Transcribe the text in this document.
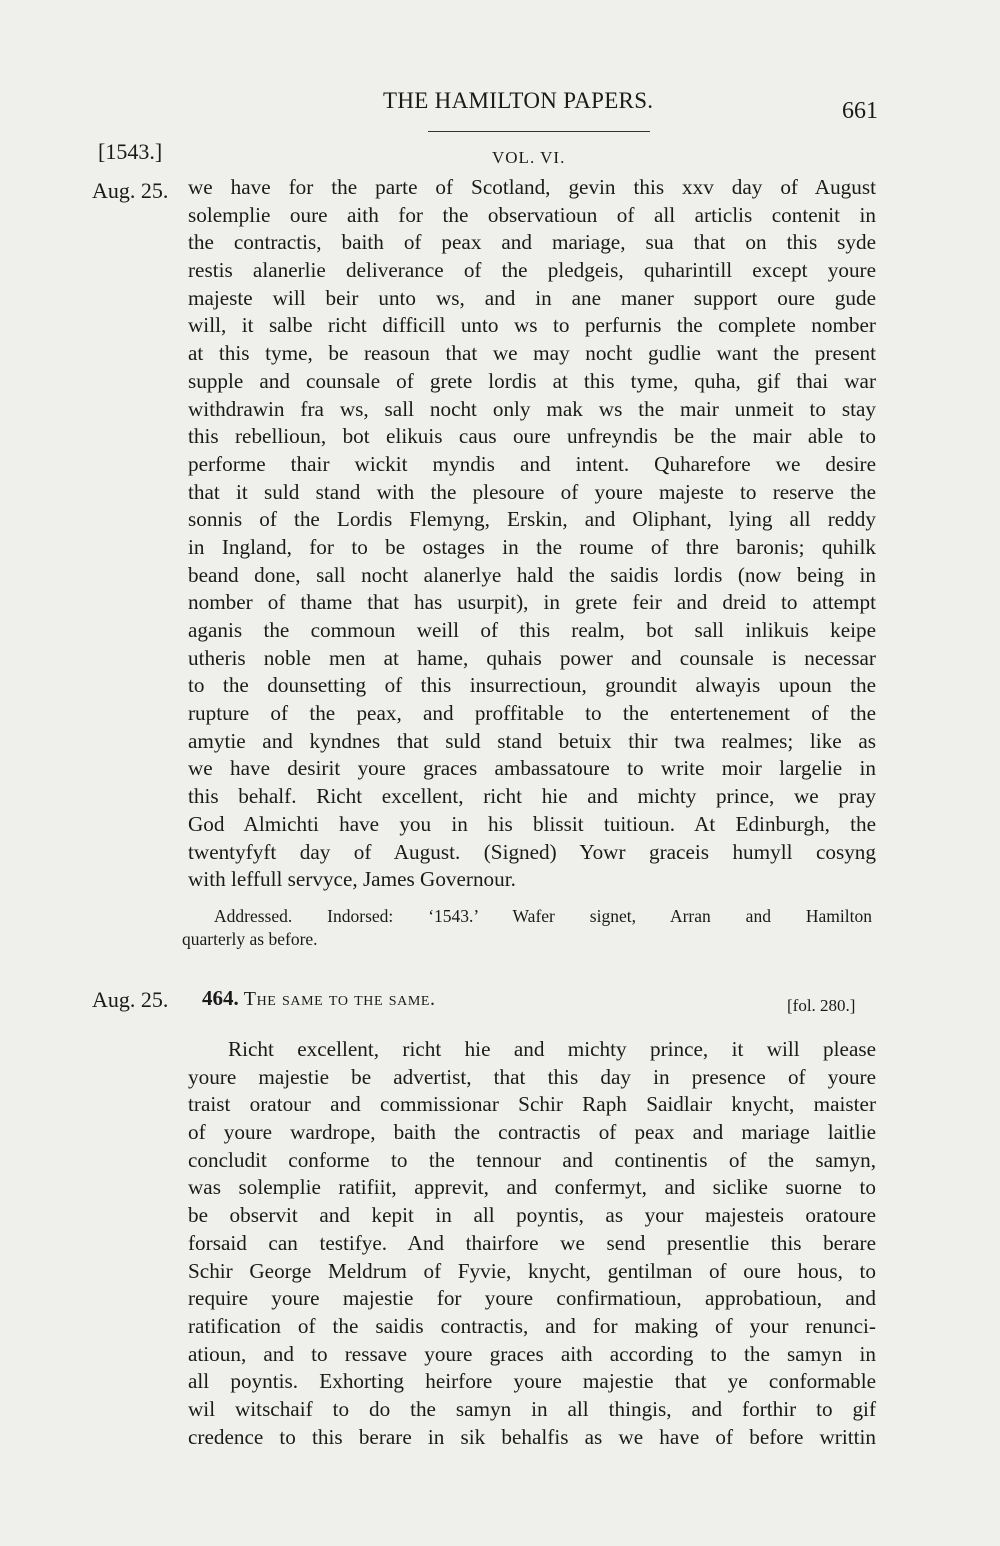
THE HAMILTON PAPERS.	661
[1543.]	VOL. VI.
Aug. 25. we have for the parte of Scotland, gevin this xxv day of August
solemplie oure aith for the observatioun of all articlis contenit in
the contractis, baith of peax and mariage, sua that on this syde
restis alanerlie deliverance of the pledgeis, quharintill except youre
majeste will beir unto ws, and in ane maner support oure gude
will, it salbe richt difficill unto ws to perfurnis the complete nomber
at this tyme, be reasoun that we may nocht gudlie want the present
supple and counsale of grete lordis at this tyme, quha, gif thai war
withdrawin fra ws, sall nocht only mak ws the mair unmeit to stay
this rebellioun, bot elikuis caus oure unfreyndis be the mair able to
performe thair wickit myndis and intent. Quharefore we desire
that it suld stand with the plesoure of youre majeste to reserve the
sonnis of the Lordis Flemyng, Erskin, and Oliphant, lying all reddy
in Ingland, for to be ostages in the roume of thre baronis; quhilk
beand done, sall nocht alanerlye hald the saidis lordis (now being in
nomber of thame that has usurpit), in grete feir and dreid to attempt
aganis the commoun weill of this realm, bot sall inlikuis keipe
utheris noble men at hame, quhais power and counsale is necessar
to the dounsetting of this insurrectioun, groundit alwayis upoun the
rupture of the peax, and proffitable to the entertenement of the
amytie and kyndnes that suld stand betuix thir twa realmes; like as
we have desirit youre graces ambassatoure to write moir largelie in
this behalf. Richt excellent, richt hie and michty prince, we pray
God Almichti have you in his blissit tuitioun. At Edinburgh, the
twentyfyft day of August. (Signed) Yowr graceis humyll cosyng
with leffull servyce, James Governour.
Addressed. Indorsed: ‘1543.’ Wafer signet, Arran and Hamilton
quarterly as before.
Aug. 25. 464. The same to the same.	[fol. 280.]
Richt excellent, richt hie and michty prince, it will please
youre majestie be advertist, that this day in presence of youre
traist oratour and commissionar Schir Raph Saidlair knycht, maister
of youre wardrope, baith the contractis of peax and mariage laitlie
concludit conforme to the tennour and continentis of the samyn,
was solemplie ratifiit, apprevit, and confermyt, and siclike suorne to
be observit and kepit in all poyntis, as your majesteis oratoure
forsaid can testifye. And thairfore we send presentlie this berare
Schir George Meldrum of Fyvie, knycht, gentilman of oure hous, to
require youre majestie for youre confirmatioun, approbatioun, and
ratification of the saidis contractis, and for making of your renunci-
atioun, and to ressave youre graces aith according to the samyn in
all poyntis. Exhorting heirfore youre majestie that ye conformable
wil witschaif to do the samyn in all thingis, and forthir to gif
credence to this berare in sik behalfis as we have of before writtin
